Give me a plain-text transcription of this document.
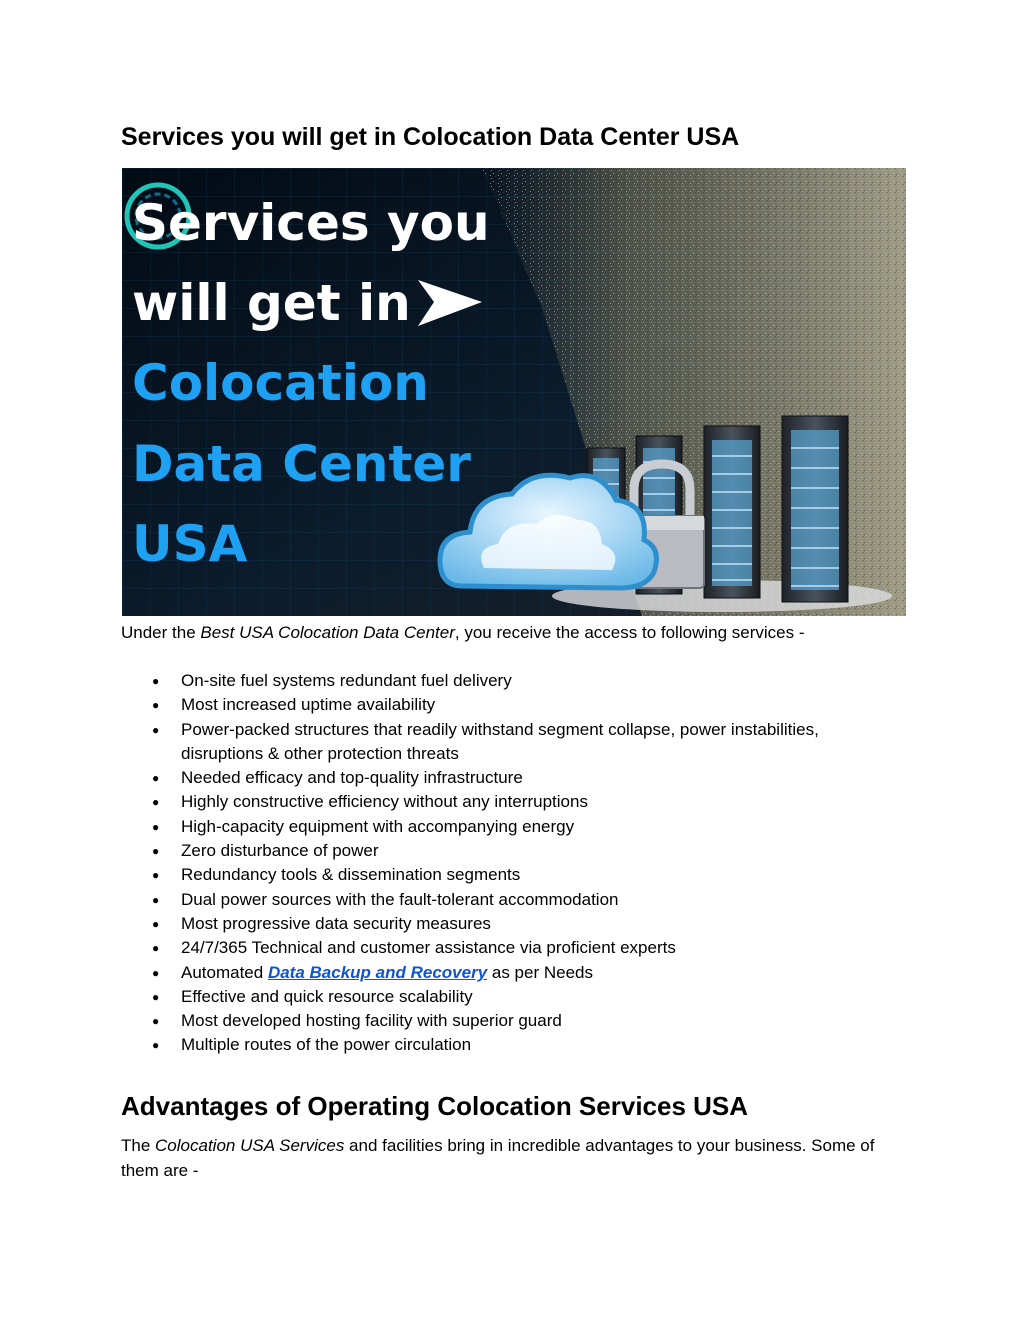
Services you will get in Colocation Data Center USA
Services you
will get in
Colocation
Data Center
USA

Under the Best USA Colocation Data Center, you receive the access to following services -

● On-site fuel systems redundant fuel delivery
● Most increased uptime availability
● Power-packed structures that readily withstand segment collapse, power instabilities, disruptions & other protection threats
● Needed efficacy and top-quality infrastructure
● Highly constructive efficiency without any interruptions
● High-capacity equipment with accompanying energy
● Zero disturbance of power
● Redundancy tools & dissemination segments
● Dual power sources with the fault-tolerant accommodation
● Most progressive data security measures
● 24/7/365 Technical and customer assistance via proficient experts
● Automated Data Backup and Recovery as per Needs
● Effective and quick resource scalability
● Most developed hosting facility with superior guard
● Multiple routes of the power circulation
Advantages of Operating Colocation Services USA

The Colocation USA Services and facilities bring in incredible advantages to your business. Some of them are -
